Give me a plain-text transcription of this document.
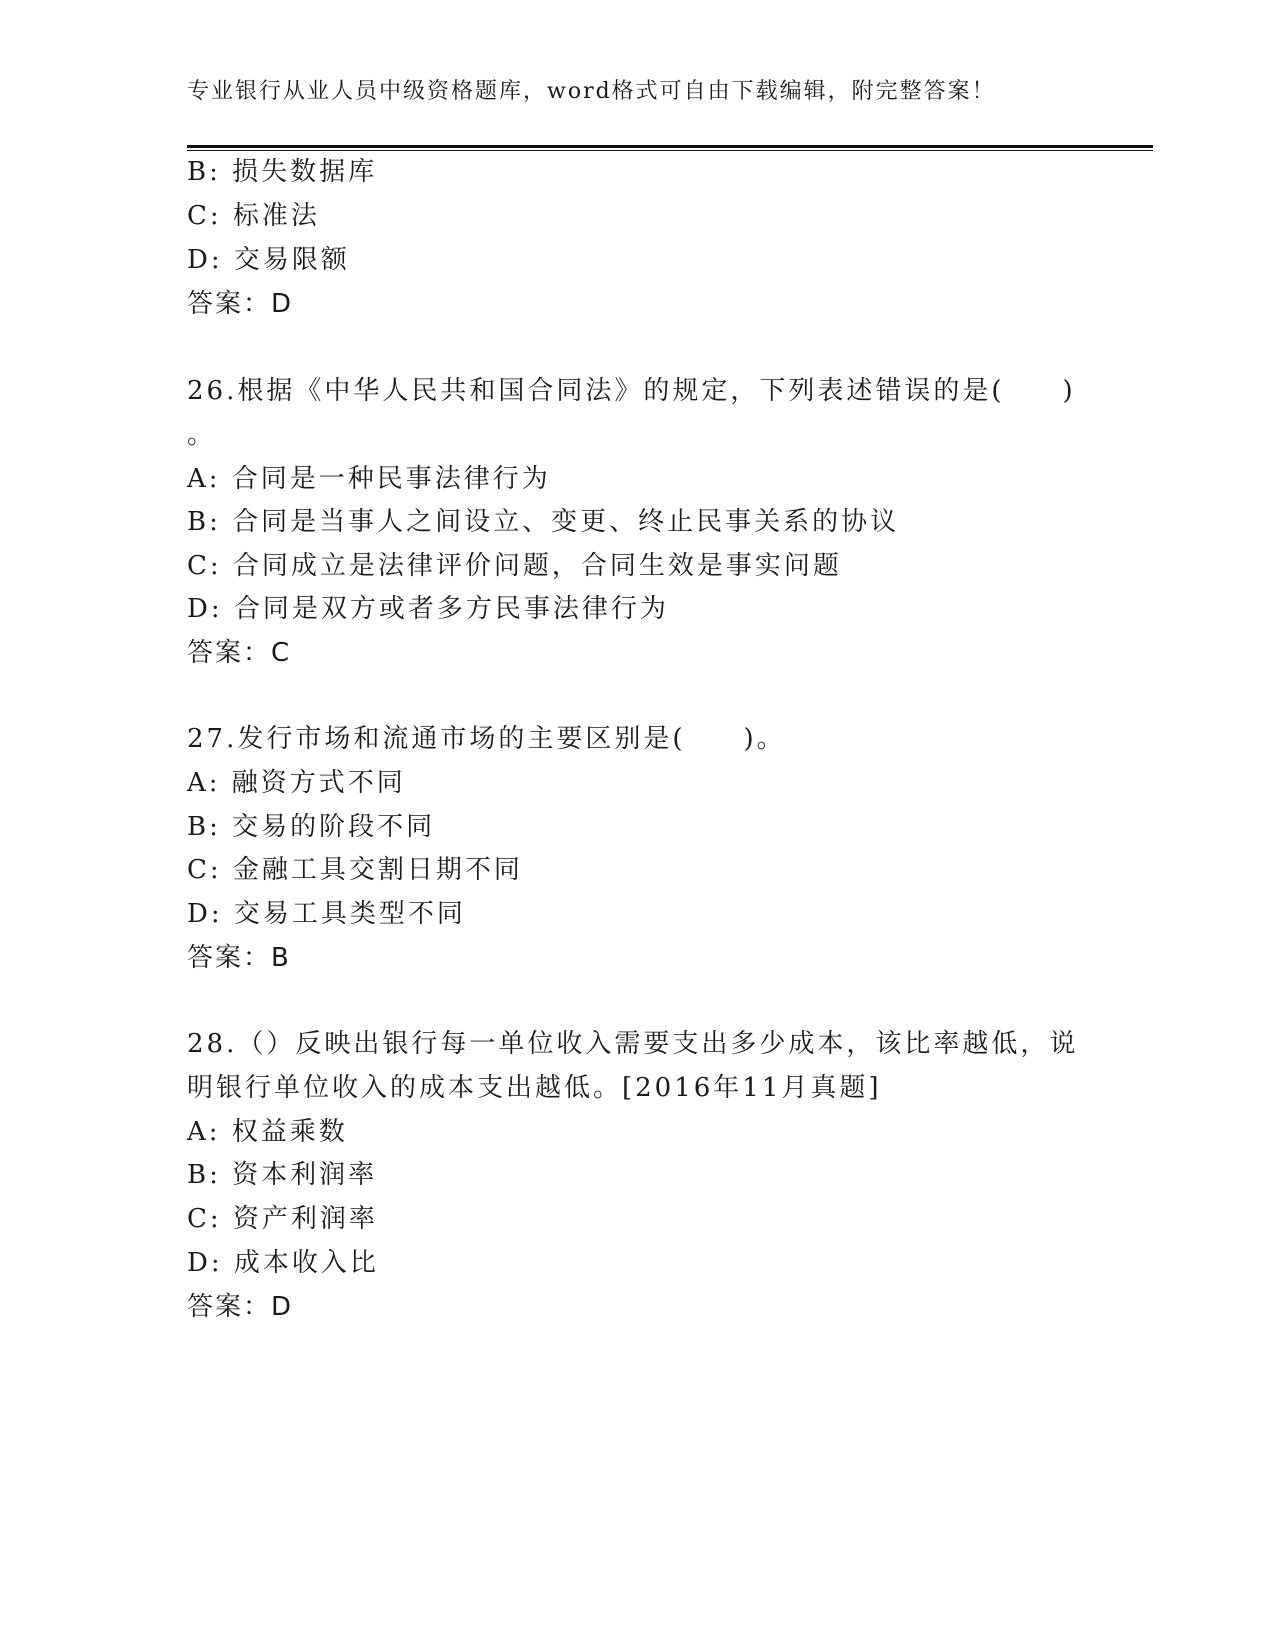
专业银行从业人员中级资格题库，word格式可自由下载编辑，附完整答案！
B: 损失数据库
C: 标准法
D: 交易限额
答案：D
26.根据《中华人民共和国合同法》的规定，下列表述错误的是(　　)
。
A: 合同是一种民事法律行为
B: 合同是当事人之间设立、变更、终止民事关系的协议
C: 合同成立是法律评价问题，合同生效是事实问题
D: 合同是双方或者多方民事法律行为
答案：C
27.发行市场和流通市场的主要区别是(　　)。
A: 融资方式不同
B: 交易的阶段不同
C: 金融工具交割日期不同
D: 交易工具类型不同
答案：B
28.（）反映出银行每一单位收入需要支出多少成本，该比率越低，说
明银行单位收入的成本支出越低。[2016年11月真题]
A: 权益乘数
B: 资本利润率
C: 资产利润率
D: 成本收入比
答案：D
